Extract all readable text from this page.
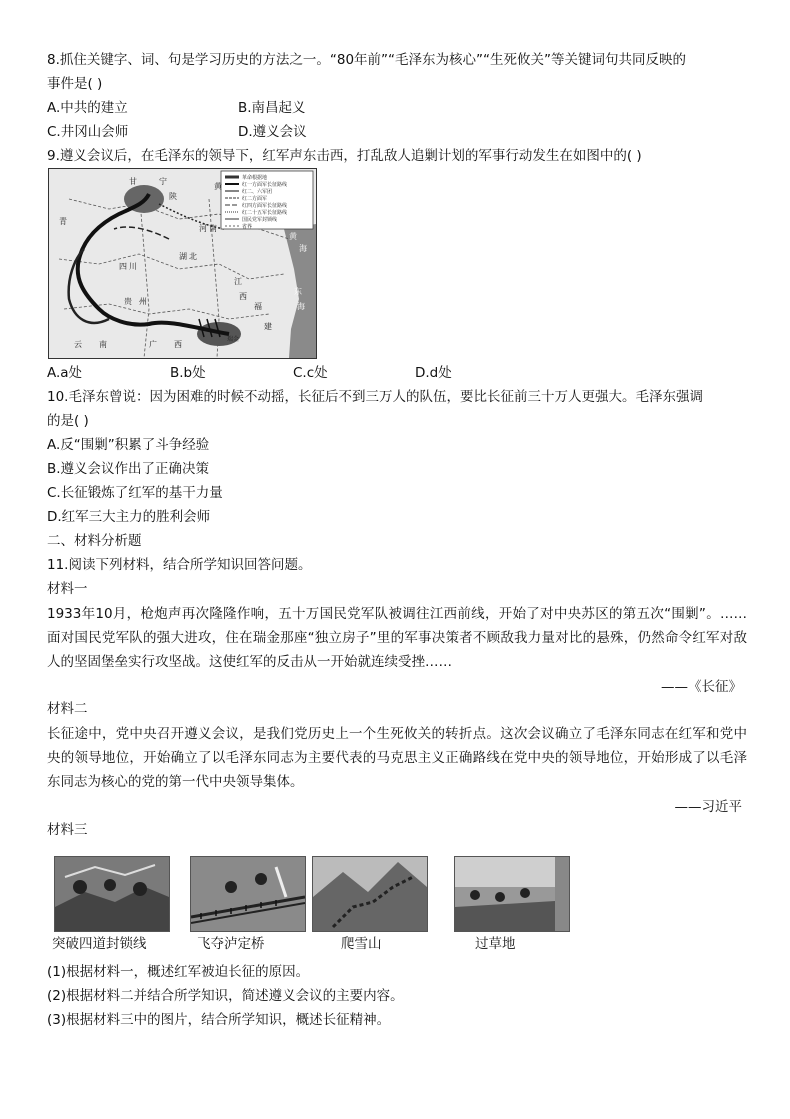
8.抓住关键字、词、句是学习历史的方法之一。“80年前”“毛泽东为核心”“生死攸关”等关键词句共同反映的
事件是( )
A.中共的建立	B.南昌起义
C.井冈山会师	D.遵义会议
9.遵义会议后，在毛泽东的领导下，红军声东击西，打乱敌人追剿计划的军事行动发生在如图中的( )
革命根据地
红一方面军长征路线
红二、六军团
红二方面军
红四方面军长征路线
红二十五军长征路线
国民党军封锁线
省界
黄
河 南
湖 北
四 川
贵 州
云 南	广 西
福
建
江
西
黄
海
东
海
甘
陕
宁
青
瑞金
A.a处	B.b处	C.c处	D.d处
10.毛泽东曾说：因为困难的时候不动摇，长征后不到三万人的队伍，要比长征前三十万人更强大。毛泽东强调
的是( )
A.反“围剿”积累了斗争经验
B.遵义会议作出了正确决策
C.长征锻炼了红军的基干力量
D.红军三大主力的胜利会师
二、材料分析题
11.阅读下列材料，结合所学知识回答问题。
材料一
1933年10月，枪炮声再次隆隆作响，五十万国民党军队被调往江西前线，开始了对中央苏区的第五次“围剿”。……面对国民党军队的强大进攻，住在瑞金那座“独立房子”里的军事决策者不顾敌我力量对比的悬殊，仍然命令红军对敌人的坚固堡垒实行攻坚战。这使红军的反击从一开始就连续受挫……
——《长征》
材料二
长征途中，党中央召开遵义会议，是我们党历史上一个生死攸关的转折点。这次会议确立了毛泽东同志在红军和党中央的领导地位，开始确立了以毛泽东同志为主要代表的马克思主义正确路线在党中央的领导地位，开始形成了以毛泽东同志为核心的党的第一代中央领导集体。
——习近平
材料三
突破四道封锁线	飞夺泸定桥	爬雪山	过草地
(1)根据材料一，概述红军被迫长征的原因。
(2)根据材料二并结合所学知识，简述遵义会议的主要内容。
(3)根据材料三中的图片，结合所学知识，概述长征精神。
